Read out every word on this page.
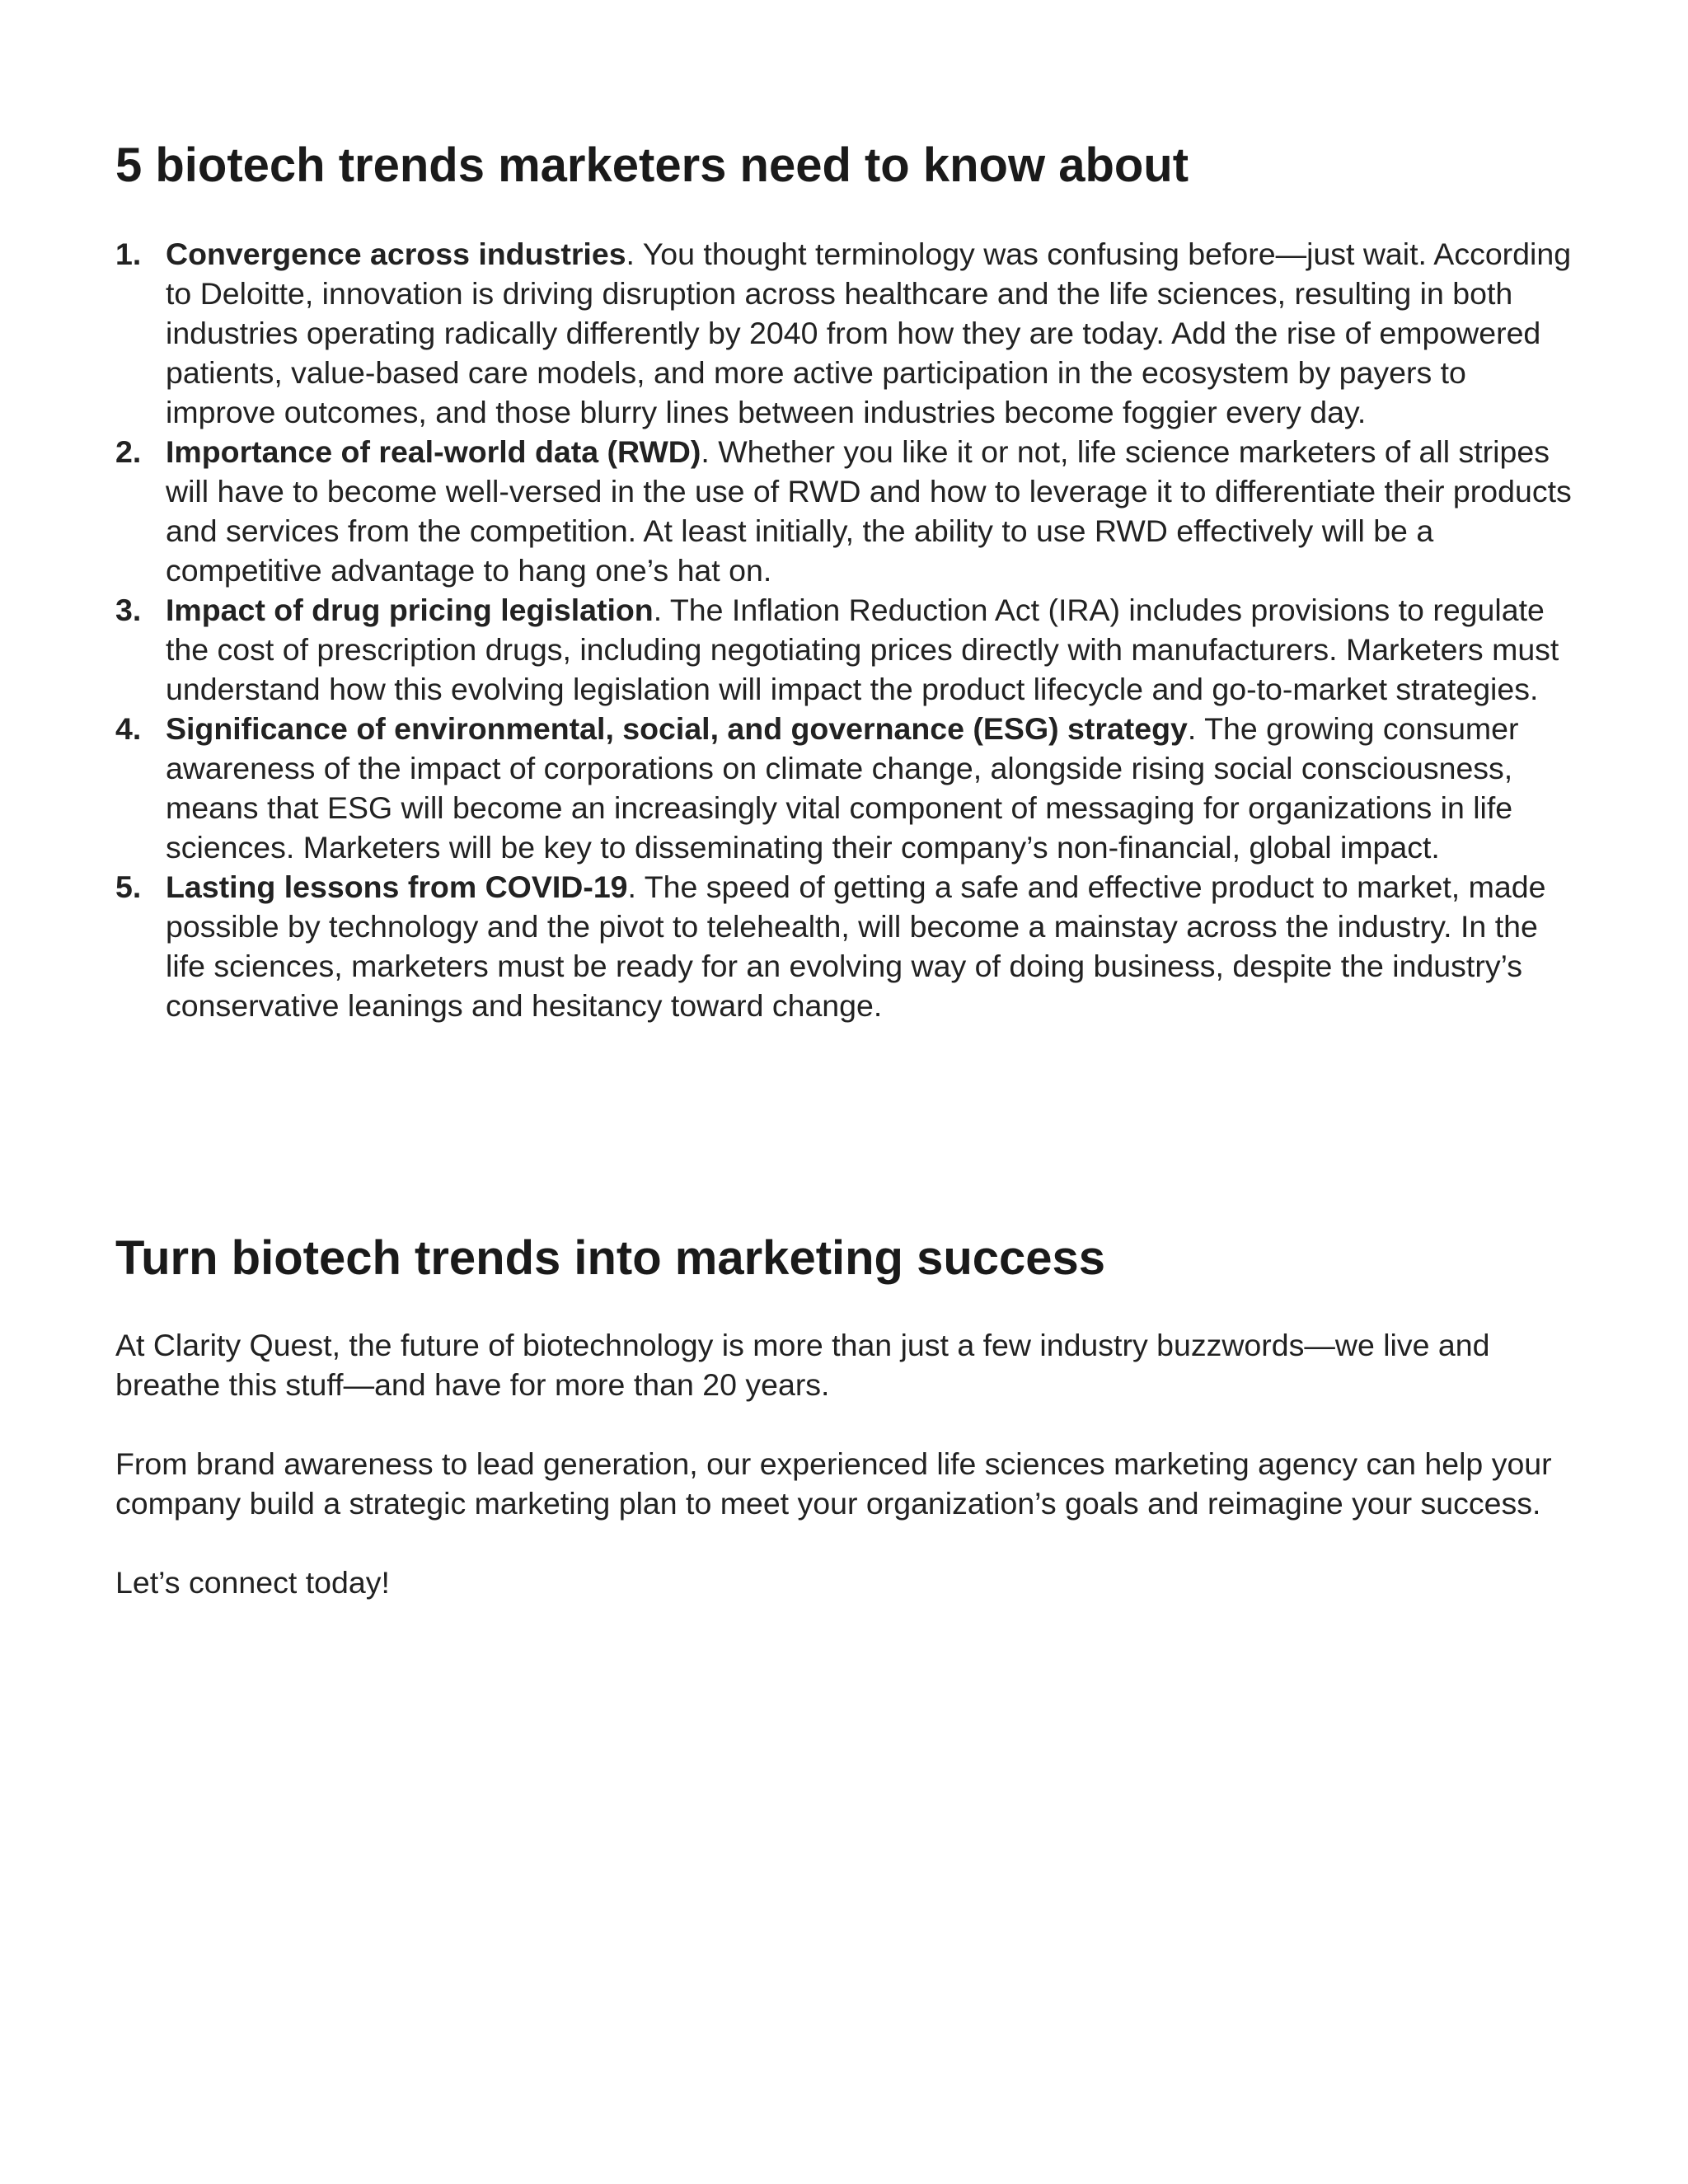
5 biotech trends marketers need to know about
1. Convergence across industries. You thought terminology was confusing before—just wait. According to Deloitte, innovation is driving disruption across healthcare and the life sciences, resulting in both industries operating radically differently by 2040 from how they are today. Add the rise of empowered patients, value-based care models, and more active participation in the ecosystem by payers to improve outcomes, and those blurry lines between industries become foggier every day.
2. Importance of real-world data (RWD). Whether you like it or not, life science marketers of all stripes will have to become well-versed in the use of RWD and how to leverage it to differentiate their products and services from the competition. At least initially, the ability to use RWD effectively will be a competitive advantage to hang one’s hat on.
3. Impact of drug pricing legislation. The Inflation Reduction Act (IRA) includes provisions to regulate the cost of prescription drugs, including negotiating prices directly with manufacturers. Marketers must understand how this evolving legislation will impact the product lifecycle and go-to-market strategies.
4. Significance of environmental, social, and governance (ESG) strategy. The growing consumer awareness of the impact of corporations on climate change, alongside rising social consciousness, means that ESG will become an increasingly vital component of messaging for organizations in life sciences. Marketers will be key to disseminating their company’s non-financial, global impact.
5. Lasting lessons from COVID-19. The speed of getting a safe and effective product to market, made possible by technology and the pivot to telehealth, will become a mainstay across the industry. In the life sciences, marketers must be ready for an evolving way of doing business, despite the industry’s conservative leanings and hesitancy toward change.
Turn biotech trends into marketing success

At Clarity Quest, the future of biotechnology is more than just a few industry buzzwords—we live and breathe this stuff—and have for more than 20 years.

From brand awareness to lead generation, our experienced life sciences marketing agency can help your company build a strategic marketing plan to meet your organization’s goals and reimagine your success.

Let’s connect today!
